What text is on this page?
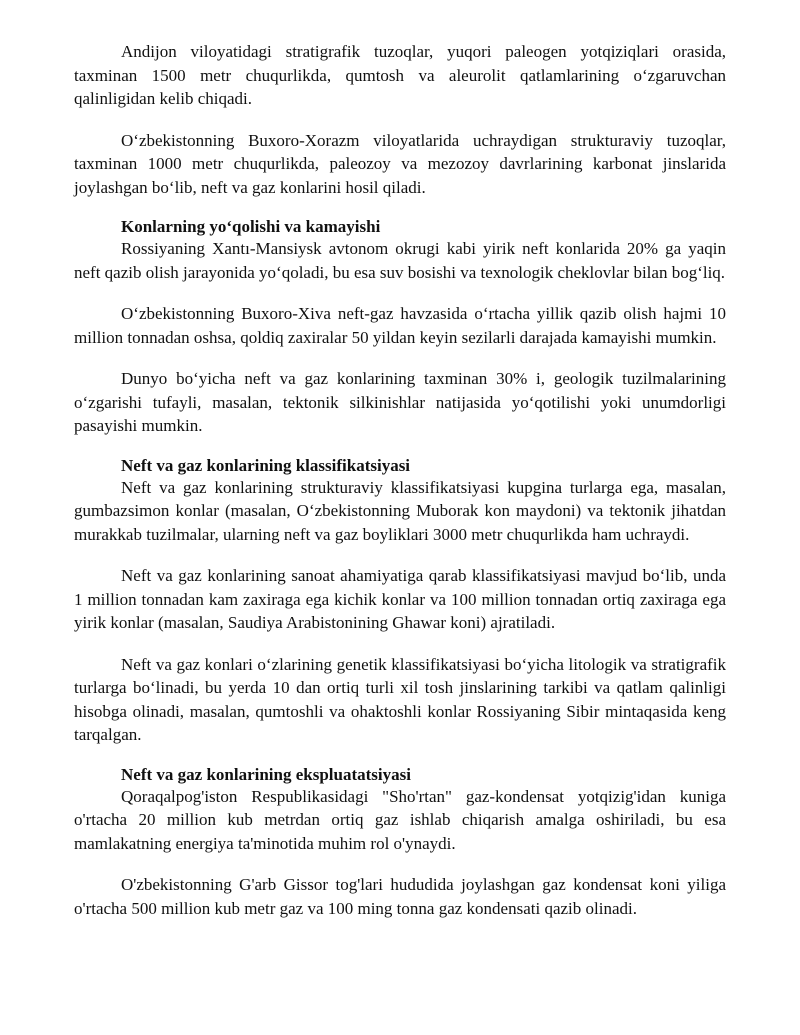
Andijon viloyatidagi stratigrafik tuzoqlar, yuqori paleogen yotqiziqlari orasida, taxminan 1500 metr chuqurlikda, qumtosh va aleurolit qatlamlarining o‘zgaruvchan qalinligidan kelib chiqadi.

O‘zbekistonning Buxoro-Xorazm viloyatlarida uchraydigan strukturaviy tuzoqlar, taxminan 1000 metr chuqurlikda, paleozoy va mezozoy davrlarining karbonat jinslarida joylashgan bo‘lib, neft va gaz konlarini hosil qiladi.

Konlarning yo‘qolishi va kamayishi

Rossiyaning Xantı-Mansiysk avtonom okrugi kabi yirik neft konlarida 20% ga yaqin neft qazib olish jarayonida yo‘qoladi, bu esa suv bosishi va texnologik cheklovlar bilan bog‘liq.

O‘zbekistonning Buxoro-Xiva neft-gaz havzasida o‘rtacha yillik qazib olish hajmi 10 million tonnadan oshsa, qoldiq zaxiralar 50 yildan keyin sezilarli darajada kamayishi mumkin.

Dunyo bo‘yicha neft va gaz konlarining taxminan 30% i, geologik tuzilmalarining o‘zgarishi tufayli, masalan, tektonik silkinishlar natijasida yo‘qotilishi yoki unumdorligi pasayishi mumkin.

Neft va gaz konlarining klassifikatsiyasi

Neft va gaz konlarining strukturaviy klassifikatsiyasi kupgina turlarga ega, masalan, gumbazsimon konlar (masalan, O‘zbekistonning Muborak kon maydoni) va tektonik jihatdan murakkab tuzilmalar, ularning neft va gaz boyliklari 3000 metr chuqurlikda ham uchraydi.

Neft va gaz konlarining sanoat ahamiyatiga qarab klassifikatsiyasi mavjud bo‘lib, unda 1 million tonnadan kam zaxiraga ega kichik konlar va 100 million tonnadan ortiq zaxiraga ega yirik konlar (masalan, Saudiya Arabistonining Ghawar koni) ajratiladi.

Neft va gaz konlari o‘zlarining genetik klassifikatsiyasi bo‘yicha litologik va stratigrafik turlarga bo‘linadi, bu yerda 10 dan ortiq turli xil tosh jinslarining tarkibi va qatlam qalinligi hisobga olinadi, masalan, qumtoshli va ohaktoshli konlar Rossiyaning Sibir mintaqasida keng tarqalgan.

Neft va gaz konlarining ekspluatatsiyasi

Qoraqalpog'iston Respublikasidagi "Sho'rtan" gaz-kondensat yotqizig'idan kuniga o'rtacha 20 million kub metrdan ortiq gaz ishlab chiqarish amalga oshiriladi, bu esa mamlakatning energiya ta'minotida muhim rol o'ynaydi.

O'zbekistonning G'arb Gissor tog'lari hududida joylashgan gaz kondensat koni yiliga o'rtacha 500 million kub metr gaz va 100 ming tonna gaz kondensati qazib olinadi.
